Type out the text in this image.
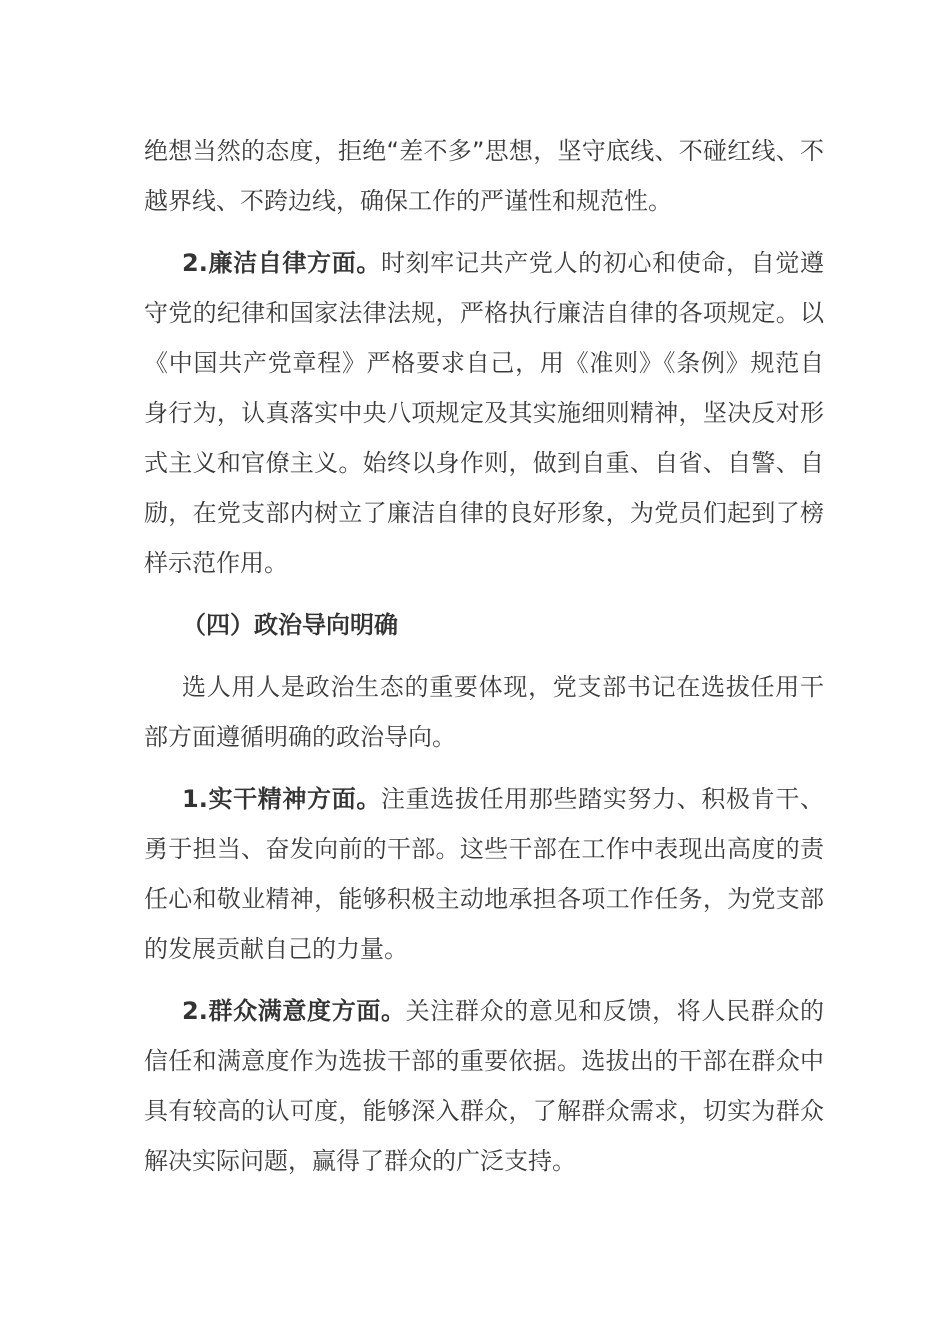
绝想当然的态度，拒绝“差不多”思想，坚守底线、不碰红线、不越界线、不跨边线，确保工作的严谨性和规范性。

2.廉洁自律方面。时刻牢记共产党人的初心和使命，自觉遵守党的纪律和国家法律法规，严格执行廉洁自律的各项规定。以《中国共产党章程》严格要求自己，用《准则》《条例》规范自身行为，认真落实中央八项规定及其实施细则精神，坚决反对形式主义和官僚主义。始终以身作则，做到自重、自省、自警、自励，在党支部内树立了廉洁自律的良好形象，为党员们起到了榜样示范作用。

（四）政治导向明确

选人用人是政治生态的重要体现，党支部书记在选拔任用干部方面遵循明确的政治导向。

1.实干精神方面。注重选拔任用那些踏实努力、积极肯干、勇于担当、奋发向前的干部。这些干部在工作中表现出高度的责任心和敬业精神，能够积极主动地承担各项工作任务，为党支部的发展贡献自己的力量。

2.群众满意度方面。关注群众的意见和反馈，将人民群众的信任和满意度作为选拔干部的重要依据。选拔出的干部在群众中具有较高的认可度，能够深入群众，了解群众需求，切实为群众解决实际问题，赢得了群众的广泛支持。
